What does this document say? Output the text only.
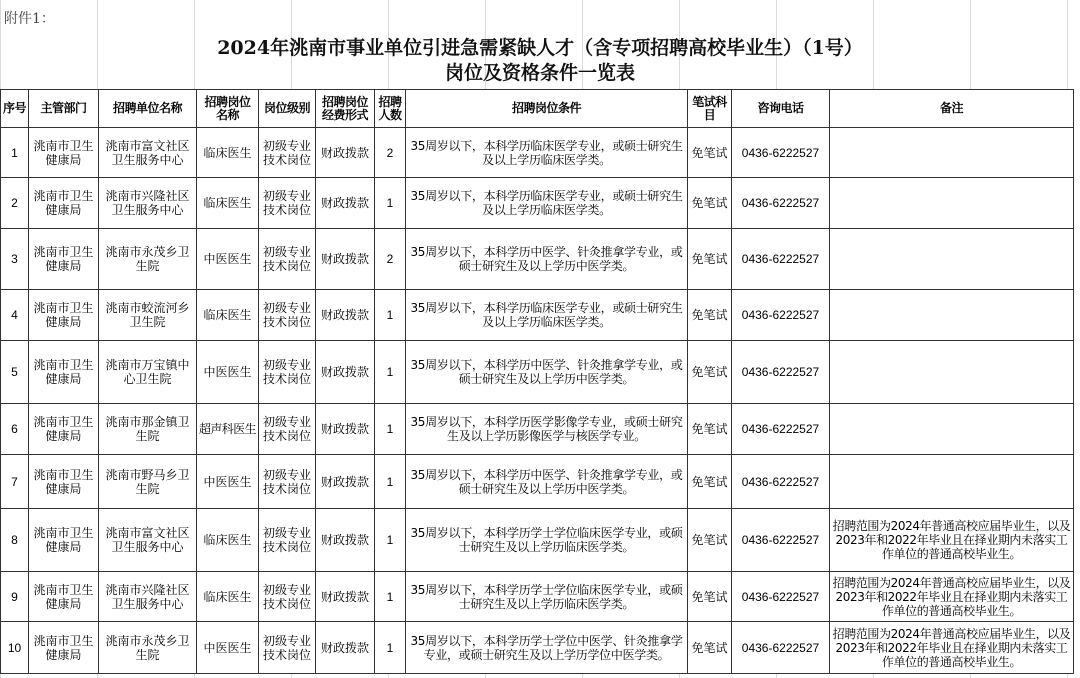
附件1：
2024年洮南市事业单位引进急需紧缺人才（含专项招聘高校毕业生）（1号）
岗位及资格条件一览表
序号	主管部门	招聘单位名称	招聘岗位名称	岗位级别	招聘岗位经费形式	招聘人数	招聘岗位条件	笔试科目	咨询电话	备注
1	洮南市卫生健康局	洮南市富文社区卫生服务中心	临床医生	初级专业技术岗位	财政拨款	2	35周岁以下，本科学历临床医学专业，或硕士研究生及以上学历临床医学类。	免笔试	0436-6222527	
2	洮南市卫生健康局	洮南市兴隆社区卫生服务中心	临床医生	初级专业技术岗位	财政拨款	1	35周岁以下，本科学历临床医学专业，或硕士研究生及以上学历临床医学类。	免笔试	0436-6222527	
3	洮南市卫生健康局	洮南市永茂乡卫生院	中医医生	初级专业技术岗位	财政拨款	2	35周岁以下，本科学历中医学、针灸推拿学专业，或硕士研究生及以上学历中医学类。	免笔试	0436-6222527	
4	洮南市卫生健康局	洮南市蛟流河乡卫生院	临床医生	初级专业技术岗位	财政拨款	1	35周岁以下，本科学历临床医学专业，或硕士研究生及以上学历临床医学类。	免笔试	0436-6222527	
5	洮南市卫生健康局	洮南市万宝镇中心卫生院	中医医生	初级专业技术岗位	财政拨款	1	35周岁以下，本科学历中医学、针灸推拿学专业，或硕士研究生及以上学历中医学类。	免笔试	0436-6222527	
6	洮南市卫生健康局	洮南市那金镇卫生院	超声科医生	初级专业技术岗位	财政拨款	1	35周岁以下，本科学历医学影像学专业，或硕士研究生及以上学历影像医学与核医学专业。	免笔试	0436-6222527	
7	洮南市卫生健康局	洮南市野马乡卫生院	中医医生	初级专业技术岗位	财政拨款	1	35周岁以下，本科学历中医学、针灸推拿学专业，或硕士研究生及以上学历中医学类。	免笔试	0436-6222527	
8	洮南市卫生健康局	洮南市富文社区卫生服务中心	临床医生	初级专业技术岗位	财政拨款	1	35周岁以下，本科学历学士学位临床医学专业，或硕士研究生及以上学历临床医学类。	免笔试	0436-6222527	招聘范围为2024年普通高校应届毕业生，以及2023年和2022年毕业且在择业期内未落实工作单位的普通高校毕业生。
9	洮南市卫生健康局	洮南市兴隆社区卫生服务中心	临床医生	初级专业技术岗位	财政拨款	1	35周岁以下，本科学历学士学位临床医学专业，或硕士研究生及以上学历临床医学类。	免笔试	0436-6222527	招聘范围为2024年普通高校应届毕业生，以及2023年和2022年毕业且在择业期内未落实工作单位的普通高校毕业生。
10	洮南市卫生健康局	洮南市永茂乡卫生院	中医医生	初级专业技术岗位	财政拨款	1	35周岁以下，本科学历学士学位中医学、针灸推拿学专业，或硕士研究生及以上学历学位中医学类。	免笔试	0436-6222527	招聘范围为2024年普通高校应届毕业生，以及2023年和2022年毕业且在择业期内未落实工作单位的普通高校毕业生。
